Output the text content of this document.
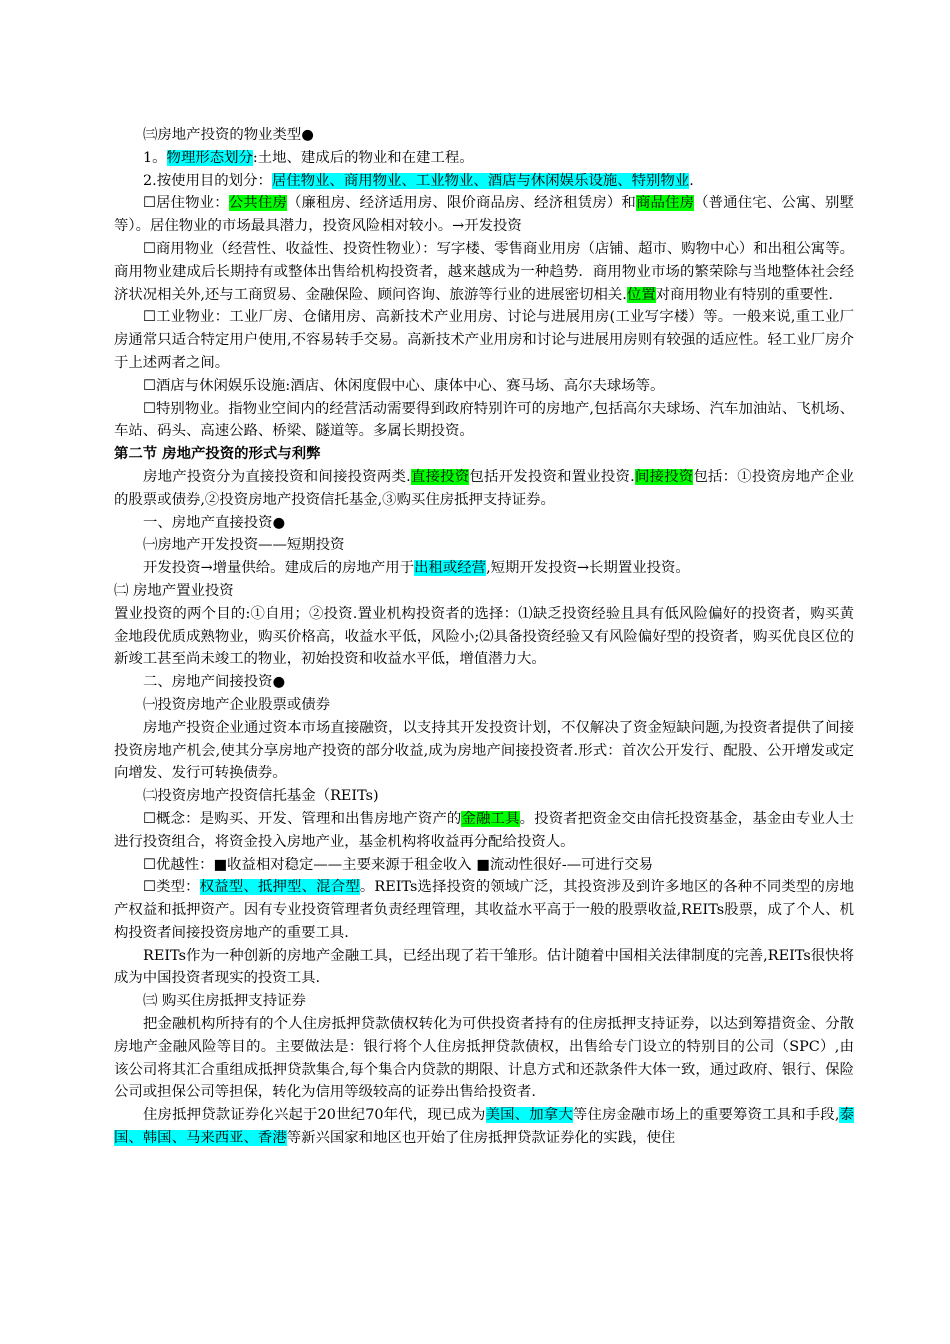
㈢房地产投资的物业类型●

1。物理形态划分:土地、建成后的物业和在建工程。

2.按使用目的划分：居住物业、商用物业、工业物业、酒店与休闲娱乐设施、特别物业.

☐居住物业：公共住房（廉租房、经济适用房、限价商品房、经济租赁房）和商品住房（普通住宅、公寓、别墅等）。居住物业的市场最具潜力，投资风险相对较小。→开发投资

☐商用物业（经营性、收益性、投资性物业）：写字楼、零售商业用房（店铺、超市、购物中心）和出租公寓等。商用物业建成后长期持有或整体出售给机构投资者，越来越成为一种趋势．商用物业市场的繁荣除与当地整体社会经济状况相关外,还与工商贸易、金融保险、顾问咨询、旅游等行业的进展密切相关.位置对商用物业有特别的重要性.

☐工业物业：工业厂房、仓储用房、高新技术产业用房、讨论与进展用房(工业写字楼）等。一般来说,重工业厂房通常只适合特定用户使用,不容易转手交易。高新技术产业用房和讨论与进展用房则有较强的适应性。轻工业厂房介于上述两者之间。

☐酒店与休闲娱乐设施:酒店、休闲度假中心、康体中心、赛马场、高尔夫球场等。

☐特别物业。指物业空间内的经营活动需要得到政府特别许可的房地产,包括高尔夫球场、汽车加油站、飞机场、车站、码头、高速公路、桥梁、隧道等。多属长期投资。

第二节 房地产投资的形式与利弊

房地产投资分为直接投资和间接投资两类.直接投资包括开发投资和置业投资.间接投资包括：①投资房地产企业的股票或债券,②投资房地产投资信托基金,③购买住房抵押支持证券。

一、房地产直接投资●

㈠房地产开发投资——短期投资

开发投资→增量供给。建成后的房地产用于出租或经营,短期开发投资→长期置业投资。

㈡ 房地产置业投资

置业投资的两个目的:①自用；②投资.置业机构投资者的选择：⑴缺乏投资经验且具有低风险偏好的投资者，购买黄金地段优质成熟物业，购买价格高，收益水平低，风险小;⑵具备投资经验又有风险偏好型的投资者，购买优良区位的新竣工甚至尚未竣工的物业，初始投资和收益水平低，增值潜力大。

二、房地产间接投资●

㈠投资房地产企业股票或债券

房地产投资企业通过资本市场直接融资，以支持其开发投资计划，不仅解决了资金短缺问题,为投资者提供了间接投资房地产机会,使其分享房地产投资的部分收益,成为房地产间接投资者.形式：首次公开发行、配股、公开增发或定向增发、发行可转换债券。

㈡投资房地产投资信托基金（REITs)

☐概念：是购买、开发、管理和出售房地产资产的金融工具。投资者把资金交由信托投资基金，基金由专业人士进行投资组合，将资金投入房地产业，基金机构将收益再分配给投资人。

☐优越性：■收益相对稳定——主要来源于租金收入 ■流动性很好-—可进行交易

☐类型：权益型、抵押型、混合型。REITs选择投资的领域广泛，其投资涉及到许多地区的各种不同类型的房地产权益和抵押资产。因有专业投资管理者负责经理管理，其收益水平高于一般的股票收益,REITs股票，成了个人、机构投资者间接投资房地产的重要工具.

REITs作为一种创新的房地产金融工具，已经出现了若干雏形。估计随着中国相关法律制度的完善,REITs很快将成为中国投资者现实的投资工具.

㈢ 购买住房抵押支持证券

把金融机构所持有的个人住房抵押贷款债权转化为可供投资者持有的住房抵押支持证券，以达到筹措资金、分散房地产金融风险等目的。主要做法是：银行将个人住房抵押贷款债权，出售给专门设立的特别目的公司（SPC）,由该公司将其汇合重组成抵押贷款集合,每个集合内贷款的期限、计息方式和还款条件大体一致，通过政府、银行、保险公司或担保公司等担保，转化为信用等级较高的证券出售给投资者.

住房抵押贷款证券化兴起于20世纪70年代，现已成为美国、加拿大等住房金融市场上的重要筹资工具和手段,泰国、韩国、马来西亚、香港等新兴国家和地区也开始了住房抵押贷款证券化的实践，使住
